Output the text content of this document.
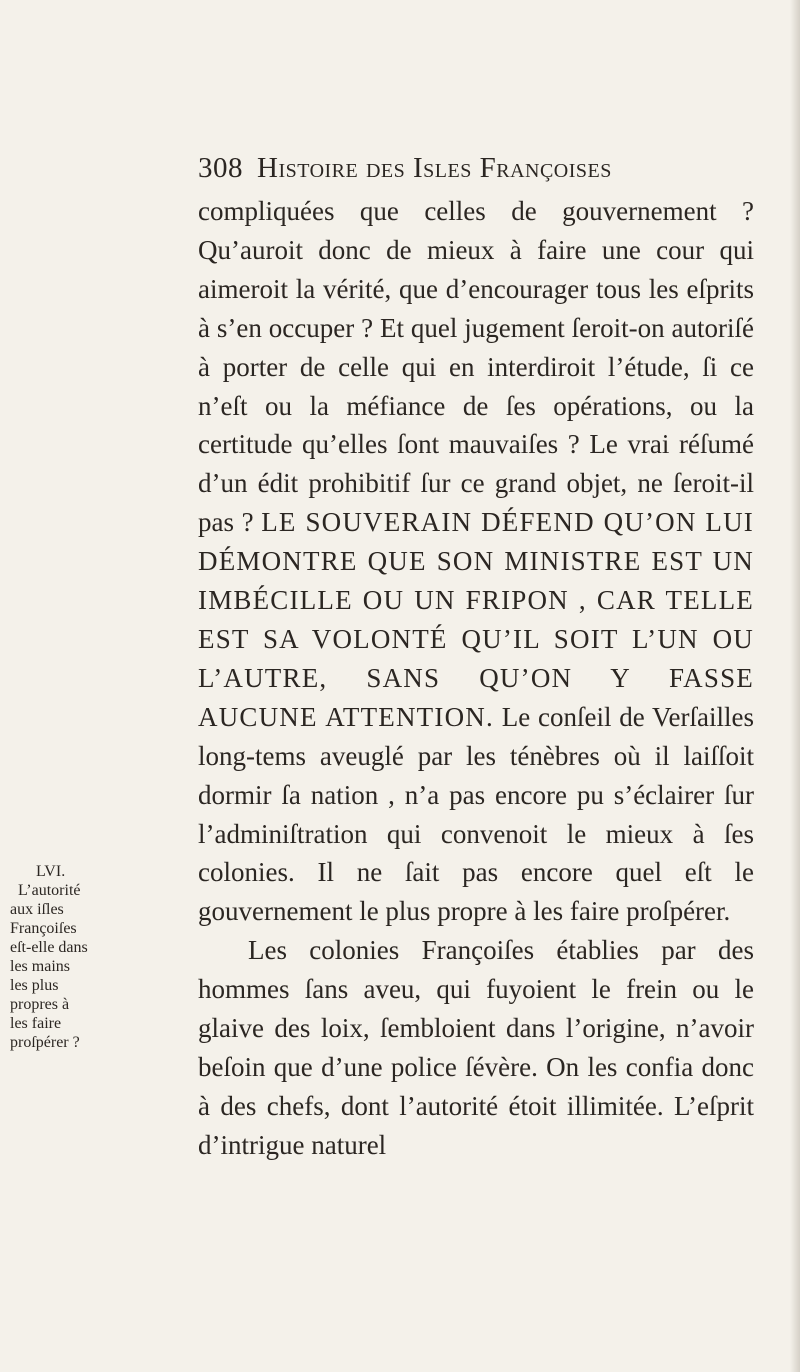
308 Histoire des Isles Françoises

compliquées que celles de gouvernement ? Qu’auroit donc de mieux à faire une cour qui aimeroit la vérité, que d’encourager tous les eſprits à s’en occuper ? Et quel jugement ſeroit-on autoriſé à porter de celle qui en interdiroit l’étude, ſi ce n’eſt ou la méfiance de ſes opérations, ou la certitude qu’elles ſont mauvaiſes ? Le vrai réſumé d’un édit prohibitif ſur ce grand objet, ne ſeroit-il pas ? LE SOUVERAIN DÉFEND QU’ON LUI DÉMONTRE QUE SON MINISTRE EST UN IMBÉCILLE OU UN FRIPON , CAR TELLE EST SA VOLONTÉ QU’IL SOIT L’UN OU L’AUTRE, SANS QU’ON Y FASSE AUCUNE ATTENTION. Le conſeil de Verſailles long-tems aveuglé par les ténèbres où il laiſſoit dormir ſa nation , n’a pas encore pu s’éclairer ſur l’adminiſtration qui convenoit le mieux à ſes colonies. Il ne ſait pas encore quel eſt le gouvernement le plus propre à les faire proſpérer.

Les colonies Françoiſes établies par des hommes ſans aveu, qui fuyoient le frein ou le glaive des loix, ſembloient dans l’origine, n’avoir beſoin que d’une police ſévère. On les confia donc à des chefs, dont l’autorité étoit illimitée. L’eſprit d’intrigue naturel

LVI.
L’autorité
aux iſles
Françoiſes
eſt-elle dans
les mains
les plus
propres à
les faire
proſpérer ?
